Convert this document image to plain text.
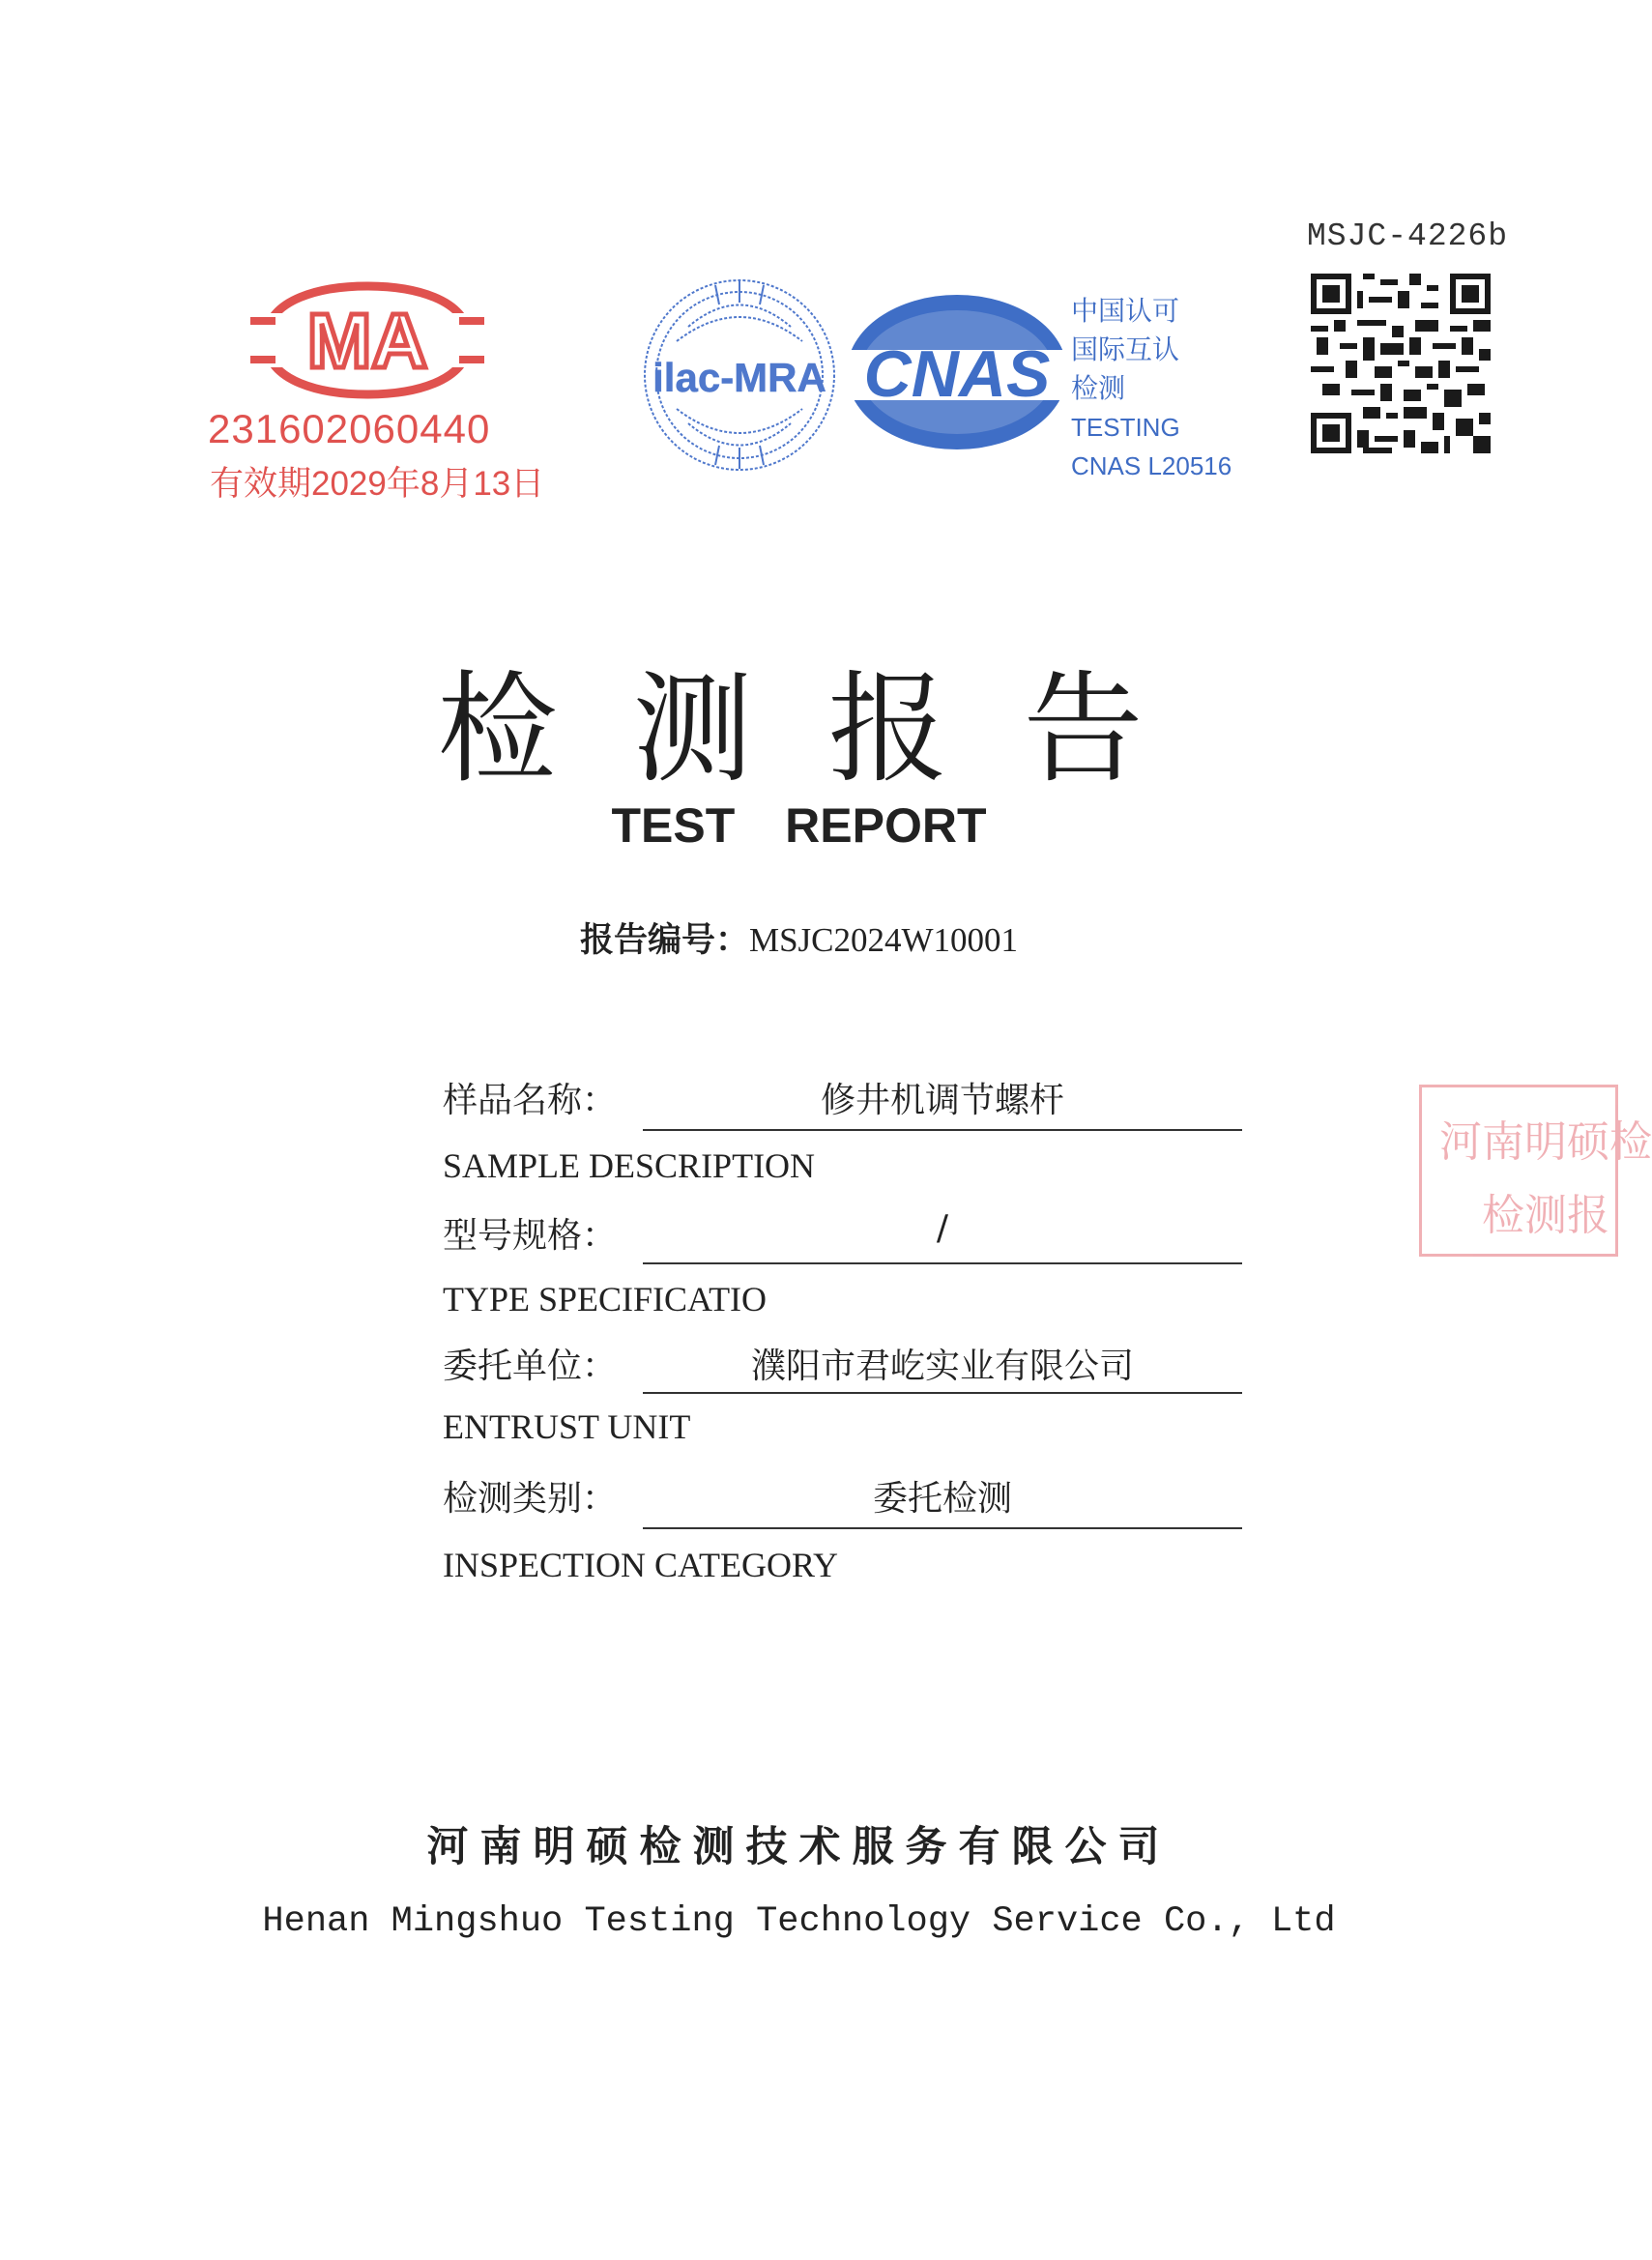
MSJC-4226b
MA
231602060440
有效期2029年8月13日
ilac-MRA CNAS
中国认可
国际互认
检测
TESTING
CNAS L20516
河南明硕检
检测报
检测报告
TEST REPORT
报告编号：MSJC2024W10001
样品名称：	修井机调节螺杆
SAMPLE DESCRIPTION
型号规格：	/
TYPE SPECIFICATIO
委托单位：	濮阳市君屹实业有限公司
ENTRUST UNIT
检测类别：	委托检测
INSPECTION CATEGORY
河南明硕检测技术服务有限公司
Henan Mingshuo Testing Technology Service Co., Ltd
